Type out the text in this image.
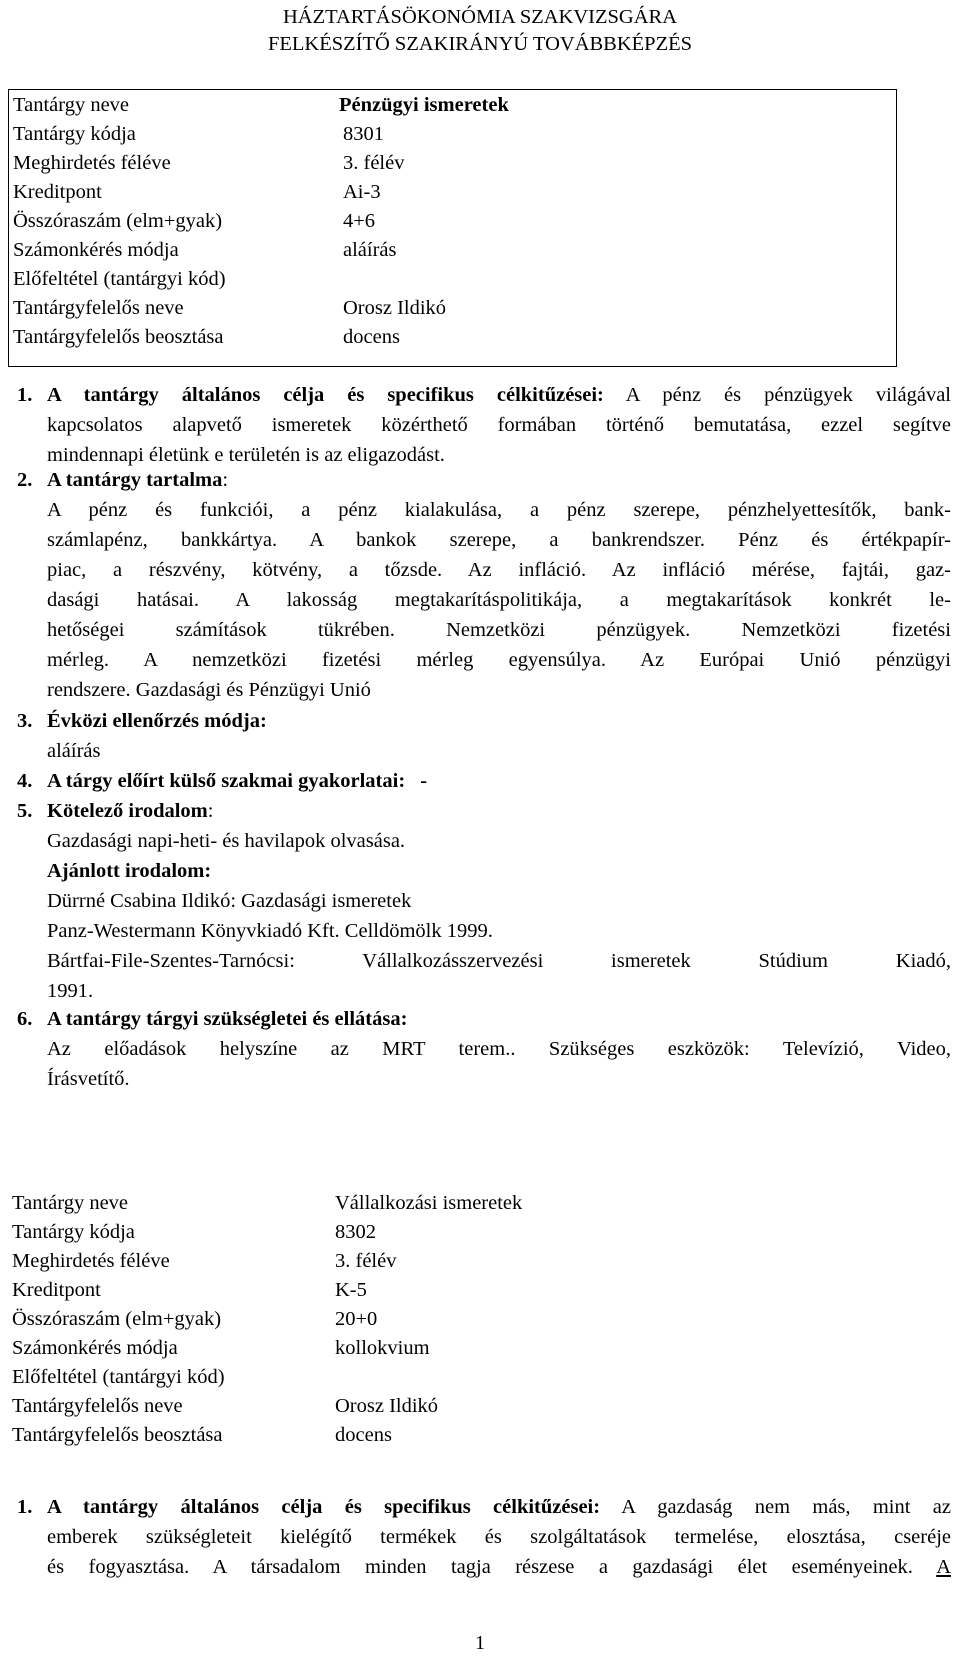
HÁZTARTÁSÖKONÓMIA SZAKVIZSGÁRA
FELKÉSZÍTŐ SZAKIRÁNYÚ TOVÁBBKÉPZÉS
Tantárgy neve	Pénzügyi ismeretek
Tantárgy kódja	8301
Meghirdetés féléve	3. félév
Kreditpont	Ai-3
Összóraszám (elm+gyak)	4+6
Számonkérés módja	aláírás
Előfeltétel (tantárgyi kód)
Tantárgyfelelős neve	Orosz Ildikó
Tantárgyfelelős beosztása	docens
1. A tantárgy általános célja és specifikus célkitűzései: A pénz és pénzügyek világával
kapcsolatos alapvető ismeretek közérthető formában történő bemutatása, ezzel segítve
mindennapi életünk e területén is az eligazodást.
2. A tantárgy tartalma:
A pénz és funkciói, a pénz kialakulása, a pénz szerepe, pénzhelyettesítők, bank-
számlapénz, bankkártya. A bankok szerepe, a bankrendszer. Pénz és értékpapír-
piac, a részvény, kötvény, a tőzsde. Az infláció. Az infláció mérése, fajtái, gaz-
dasági hatásai. A lakosság megtakarításpolitikája, a megtakarítások konkrét le-
hetőségei számítások tükrében. Nemzetközi pénzügyek. Nemzetközi fizetési
mérleg. A nemzetközi fizetési mérleg egyensúlya. Az Európai Unió pénzügyi
rendszere. Gazdasági és Pénzügyi Unió
3. Évközi ellenőrzés módja:
aláírás
4. A tárgy előírt külső szakmai gyakorlatai: -
5. Kötelező irodalom:
Gazdasági napi-heti- és havilapok olvasása.
Ajánlott irodalom:
Dürrné Csabina Ildikó: Gazdasági ismeretek
Panz-Westermann Könyvkiadó Kft. Celldömölk 1999.
Bártfai-File-Szentes-Tarnócsi: Vállalkozásszervezési ismeretek Stúdium Kiadó,
1991.
6. A tantárgy tárgyi szükségletei és ellátása:
Az előadások helyszíne az MRT terem.. Szükséges eszközök: Televízió, Video,
Írásvetítő.
Tantárgy neve	Vállalkozási ismeretek
Tantárgy kódja	8302
Meghirdetés féléve	3. félév
Kreditpont	K-5
Összóraszám (elm+gyak)	20+0
Számonkérés módja	kollokvium
Előfeltétel (tantárgyi kód)
Tantárgyfelelős neve	Orosz Ildikó
Tantárgyfelelős beosztása	docens
1. A tantárgy általános célja és specifikus célkitűzései: A gazdaság nem más, mint az
emberek szükségleteit kielégítő termékek és szolgáltatások termelése, elosztása, cseréje
és fogyasztása. A társadalom minden tagja részese a gazdasági élet eseményeinek. A
1
